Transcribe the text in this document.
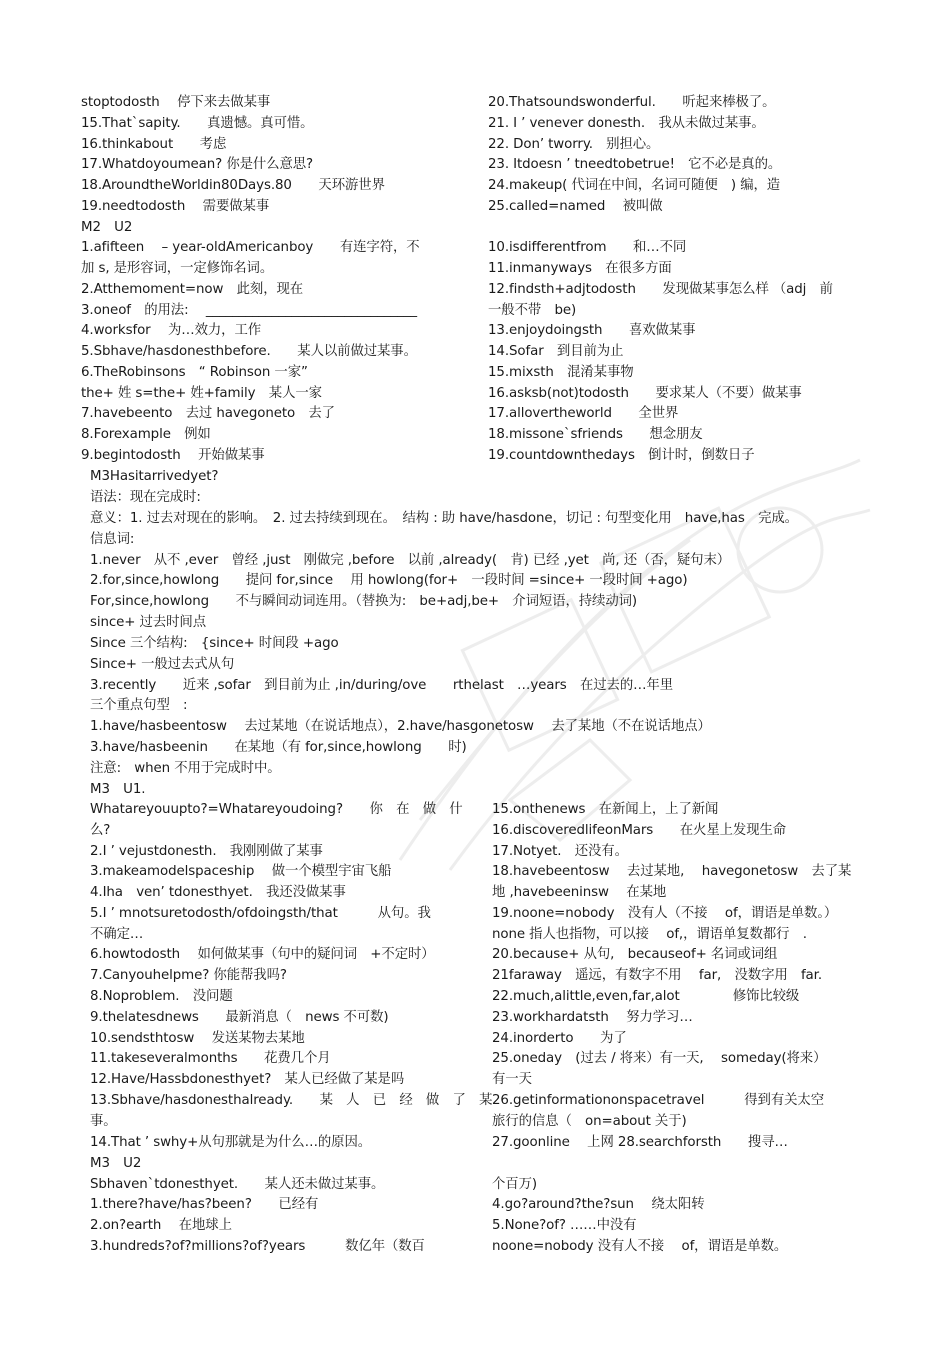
stoptodosth　 停下来去做某事
15.That`sapity.　　真遗憾。真可惜。
16.thinkabout　　考虑
17.Whatdoyoumean? 你是什么意思?
18.AroundtheWorldin80Days.80　　天环游世界
19.needtodosth　 需要做某事
M2　U2
1.afifteen　 – year-oldAmericanboy　　有连字符，不
加 s, 是形容词，一定修饰名词。
2.Atthemoment=now　此刻，现在
3.oneof　的用法:　 ________________________________
4.worksfor　 为…效力，工作
5.Sbhave/hasdonesthbefore.　　某人以前做过某事。
6.TheRobinsons　“ Robinson 一家”
the+ 姓 s=the+ 姓+family　某人一家
7.havebeento　去过 havegoneto　去了
8.Forexample　例如
9.begintodosth　 开始做某事
20.Thatsoundswonderful.　　听起来棒极了。
21. I ’ venever donesth.　我从未做过某事。
22. Don’ tworry.　别担心。
23. Itdoesn ’ tneedtobetrue!　它不必是真的。
24.makeup( 代词在中间，名词可随便　) 编，造
25.called=named　 被叫做
10.isdifferentfrom　　和…不同
11.inmanyways　在很多方面
12.findsth+adjtodosth　　发现做某事怎么样 （adj　前
一般不带　be)
13.enjoydoingsth　　喜欢做某事
14.Sofar　到目前为止
15.mixsth　混淆某事物
16.asksb(not)todosth　　要求某人（不要）做某事
17.allovertheworld　　全世界
18.missone`sfriends　　想念朋友
19.countdownthedays　倒计时，倒数日子
M3Hasitarrivedyet?
语法：现在完成时:
意义：1. 过去对现在的影响。　2. 过去持续到现在。　结构 : 助 have/hasdone，切记 : 句型变化用　have,has　完成。
信息词:
1.never　从不 ,ever　曾经 ,just　刚做完 ,before　以前 ,already(　肯) 已经 ,yet　尚, 还（否，疑句末）
2.for,since,howlong　　提问 for,since　 用 howlong(for+　一段时间 =since+ 一段时间 +ago)
For,since,howlong　　不与瞬间动词连用。（替换为:　be+adj,be+　介词短语，持续动词)
since+ 过去时间点
Since 三个结构:　{since+ 时间段 +ago
Since+ 一般过去式从句
3.recently　　近来 ,sofar　到目前为止 ,in/during/ove　　rthelast　…years　在过去的…年里
三个重点句型　:
1.have/hasbeentosw　 去过某地（在说话地点），2.have/hasgonetosw　 去了某地（不在说话地点）
3.have/hasbeenin　　在某地（有 for,since,howlong　　时)
注意:　when 不用于完成时中。
M3　U1.
Whatareyouupto?=Whatareyoudoing?　　你　在　做　什
么?
2.I ’ vejustdonesth.　我刚刚做了某事
3.makeamodelspaceship　 做一个模型宇宙飞船
4.Iha　ven’ tdonesthyet.　我还没做某事
5.I ’ mnotsuretodosth/ofdoingsth/that　　　从句。我
不确定…
6.howtodosth　 如何做某事（句中的疑问词　+不定时）
7.Canyouhelpme? 你能帮我吗?
8.Noproblem.　没问题
9.thelatesdnews　　最新消息（　news 不可数)
10.sendsthtosw　 发送某物去某地
11.takeseveralmonths　　花费几个月
12.Have/Hassbdonesthyet?　某人已经做了某是吗
13.Sbhave/hasdonesthalready.　　某　人　已　经　做　了　某
事。
14.That ’ swhy+从句那就是为什么…的原因。
15.onthenews　在新闻上，上了新闻
16.discoveredlifeonMars　　在火星上发现生命
17.Notyet.　还没有。
18.havebeentosw　 去过某地,　 havegonetosw　去了某
地 ,havebeeninsw　 在某地
19.noone=nobody　没有人（不接　 of，谓语是单数。）
none 指人也指物，可以接　 of,，谓语单复数都行　.
20.because+ 从句,　becauseof+ 名词或词组
21faraway　遥远，有数字不用　 far,　没数字用　far.
22.much,alittle,even,far,alot　　　　修饰比较级
23.workhardatsth　 努力学习…
24.inorderto　　为了
25.oneday　(过去 / 将来）有一天,　 someday(将来）
有一天
26.getinformationonspacetravel　　　得到有关太空
旅行的信息（　on=about 关于)
27.goonline　 上网 28.searchforsth　　搜寻…
M3　U2
Sbhaven`tdonesthyet.　　某人还未做过某事。
1.there?have/has?been?　　已经有
2.on?earth　 在地球上
3.hundreds?of?millions?of?years　　　数亿年（数百
个百万)
4.go?around?the?sun　 绕太阳转
5.None?of? ……中没有
noone=nobody 没有人不接　 of，谓语是单数。
